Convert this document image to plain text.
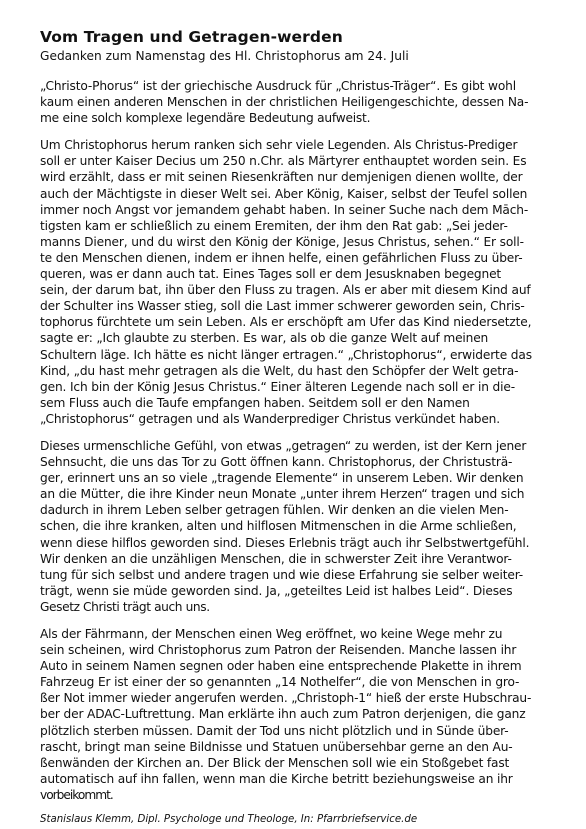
Vom Tragen und Getragen-werden
Gedanken zum Namenstag des Hl. Christophorus am 24. Juli
„Christo-Phorus“ ist der griechische Ausdruck für „Christus-Träger“. Es gibt wohl
kaum einen anderen Menschen in der christlichen Heiligengeschichte, dessen Na-
me eine solch komplexe legendäre Bedeutung aufweist.
Um Christophorus herum ranken sich sehr viele Legenden. Als Christus-Prediger
soll er unter Kaiser Decius um 250 n.Chr. als Märtyrer enthauptet worden sein. Es
wird erzählt, dass er mit seinen Riesenkräften nur demjenigen dienen wollte, der
auch der Mächtigste in dieser Welt sei. Aber König, Kaiser, selbst der Teufel sollen
immer noch Angst vor jemandem gehabt haben. In seiner Suche nach dem Māch-
tigsten kam er schließlich zu einem Eremiten, der ihm den Rat gab: „Sei jeder-
manns Diener, und du wirst den König der Könige, Jesus Christus, sehen.“ Er soll-
te den Menschen dienen, indem er ihnen helfe, einen gefährlichen Fluss zu über-
queren, was er dann auch tat. Eines Tages soll er dem Jesusknaben begegnet
sein, der darum bat, ihn über den Fluss zu tragen. Als er aber mit diesem Kind auf
der Schulter ins Wasser stieg, soll die Last immer schwerer geworden sein, Chris-
tophorus fürchtete um sein Leben. Als er erschöpft am Ufer das Kind niedersetzte,
sagte er: „Ich glaubte zu sterben. Es war, als ob die ganze Welt auf meinen
Schultern läge. Ich hätte es nicht länger ertragen.“ „Christophorus“, erwiderte das
Kind, „du hast mehr getragen als die Welt, du hast den Schöpfer der Welt getra-
gen. Ich bin der König Jesus Christus.“ Einer älteren Legende nach soll er in die-
sem Fluss auch die Taufe empfangen haben. Seitdem soll er den Namen
„Christophorus“ getragen und als Wanderprediger Christus verkündet haben.
Dieses urmenschliche Gefühl, von etwas „getragen“ zu werden, ist der Kern jener
Sehnsucht, die uns das Tor zu Gott öffnen kann. Christophorus, der Christusträ-
ger, erinnert uns an so viele „tragende Elemente“ in unserem Leben. Wir denken
an die Mütter, die ihre Kinder neun Monate „unter ihrem Herzen“ tragen und sich
dadurch in ihrem Leben selber getragen fühlen. Wir denken an die vielen Men-
schen, die ihre kranken, alten und hilflosen Mitmenschen in die Arme schließen,
wenn diese hilflos geworden sind. Dieses Erlebnis trägt auch ihr Selbstwertgefühl.
Wir denken an die unzähligen Menschen, die in schwerster Zeit ihre Verantwor-
tung für sich selbst und andere tragen und wie diese Erfahrung sie selber weiter-
trägt, wenn sie müde geworden sind. Ja, „geteiltes Leid ist halbes Leid“. Dieses
Gesetz Christi trägt auch uns.
Als der Fährmann, der Menschen einen Weg eröffnet, wo keine Wege mehr zu
sein scheinen, wird Christophorus zum Patron der Reisenden. Manche lassen ihr
Auto in seinem Namen segnen oder haben eine entsprechende Plakette in ihrem
Fahrzeug Er ist einer der so genannten „14 Nothelfer“, die von Menschen in gro-
ßer Not immer wieder angerufen werden. „Christoph-1“ hieß der erste Hubschrau-
ber der ADAC-Luftrettung. Man erklärte ihn auch zum Patron derjenigen, die ganz
plötzlich sterben müssen. Damit der Tod uns nicht plötzlich und in Sünde über-
rascht, bringt man seine Bildnisse und Statuen unübersehbar gerne an den Au-
ßenwänden der Kirchen an. Der Blick der Menschen soll wie ein Stoßgebet fast
automatisch auf ihn fallen, wenn man die Kirche betritt beziehungsweise an ihr
vorbeikommt.
Stanislaus Klemm, Dipl. Psychologe und Theologe, In: Pfarrbriefservice.de
